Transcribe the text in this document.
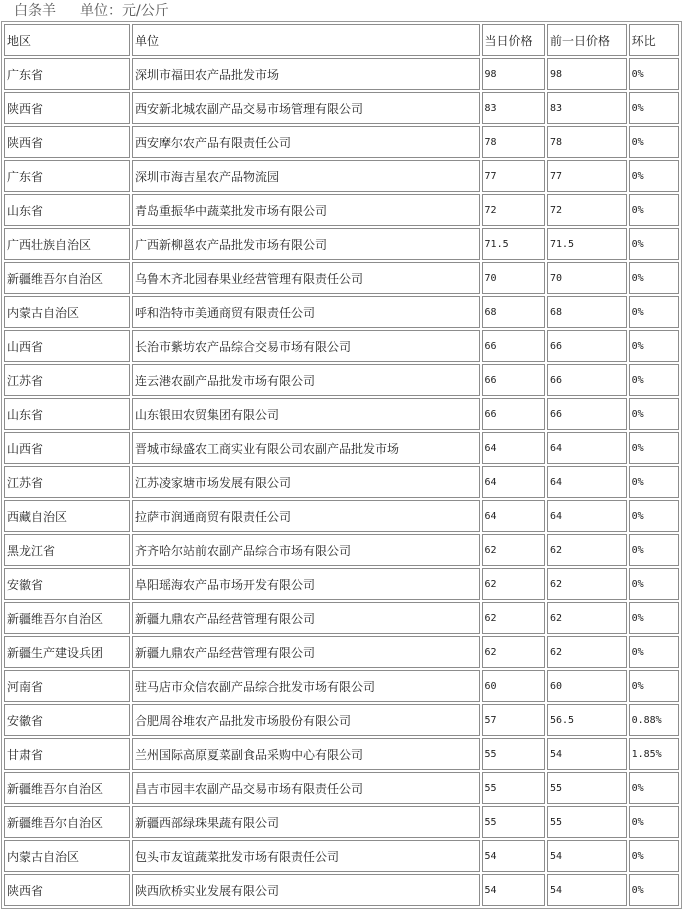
白条羊 单位：元/公斤
地区	单位	当日价格	前一日价格	环比
广东省	深圳市福田农产品批发市场	98	98	0%
陕西省	西安新北城农副产品交易市场管理有限公司	83	83	0%
陕西省	西安摩尔农产品有限责任公司	78	78	0%
广东省	深圳市海吉星农产品物流园	77	77	0%
山东省	青岛重振华中蔬菜批发市场有限公司	72	72	0%
广西壮族自治区	广西新柳邕农产品批发市场有限公司	71.5	71.5	0%
新疆维吾尔自治区	乌鲁木齐北园春果业经营管理有限责任公司	70	70	0%
内蒙古自治区	呼和浩特市美通商贸有限责任公司	68	68	0%
山西省	长治市紫坊农产品综合交易市场有限公司	66	66	0%
江苏省	连云港农副产品批发市场有限公司	66	66	0%
山东省	山东银田农贸集团有限公司	66	66	0%
山西省	晋城市绿盛农工商实业有限公司农副产品批发市场	64	64	0%
江苏省	江苏凌家塘市场发展有限公司	64	64	0%
西藏自治区	拉萨市润通商贸有限责任公司	64	64	0%
黑龙江省	齐齐哈尔站前农副产品综合市场有限公司	62	62	0%
安徽省	阜阳瑶海农产品市场开发有限公司	62	62	0%
新疆维吾尔自治区	新疆九鼎农产品经营管理有限公司	62	62	0%
新疆生产建设兵团	新疆九鼎农产品经营管理有限公司	62	62	0%
河南省	驻马店市众信农副产品综合批发市场有限公司	60	60	0%
安徽省	合肥周谷堆农产品批发市场股份有限公司	57	56.5	0.88%
甘肃省	兰州国际高原夏菜副食品采购中心有限公司	55	54	1.85%
新疆维吾尔自治区	昌吉市园丰农副产品交易市场有限责任公司	55	55	0%
新疆维吾尔自治区	新疆西部绿珠果蔬有限公司	55	55	0%
内蒙古自治区	包头市友谊蔬菜批发市场有限责任公司	54	54	0%
陕西省	陕西欣桥实业发展有限公司	54	54	0%
